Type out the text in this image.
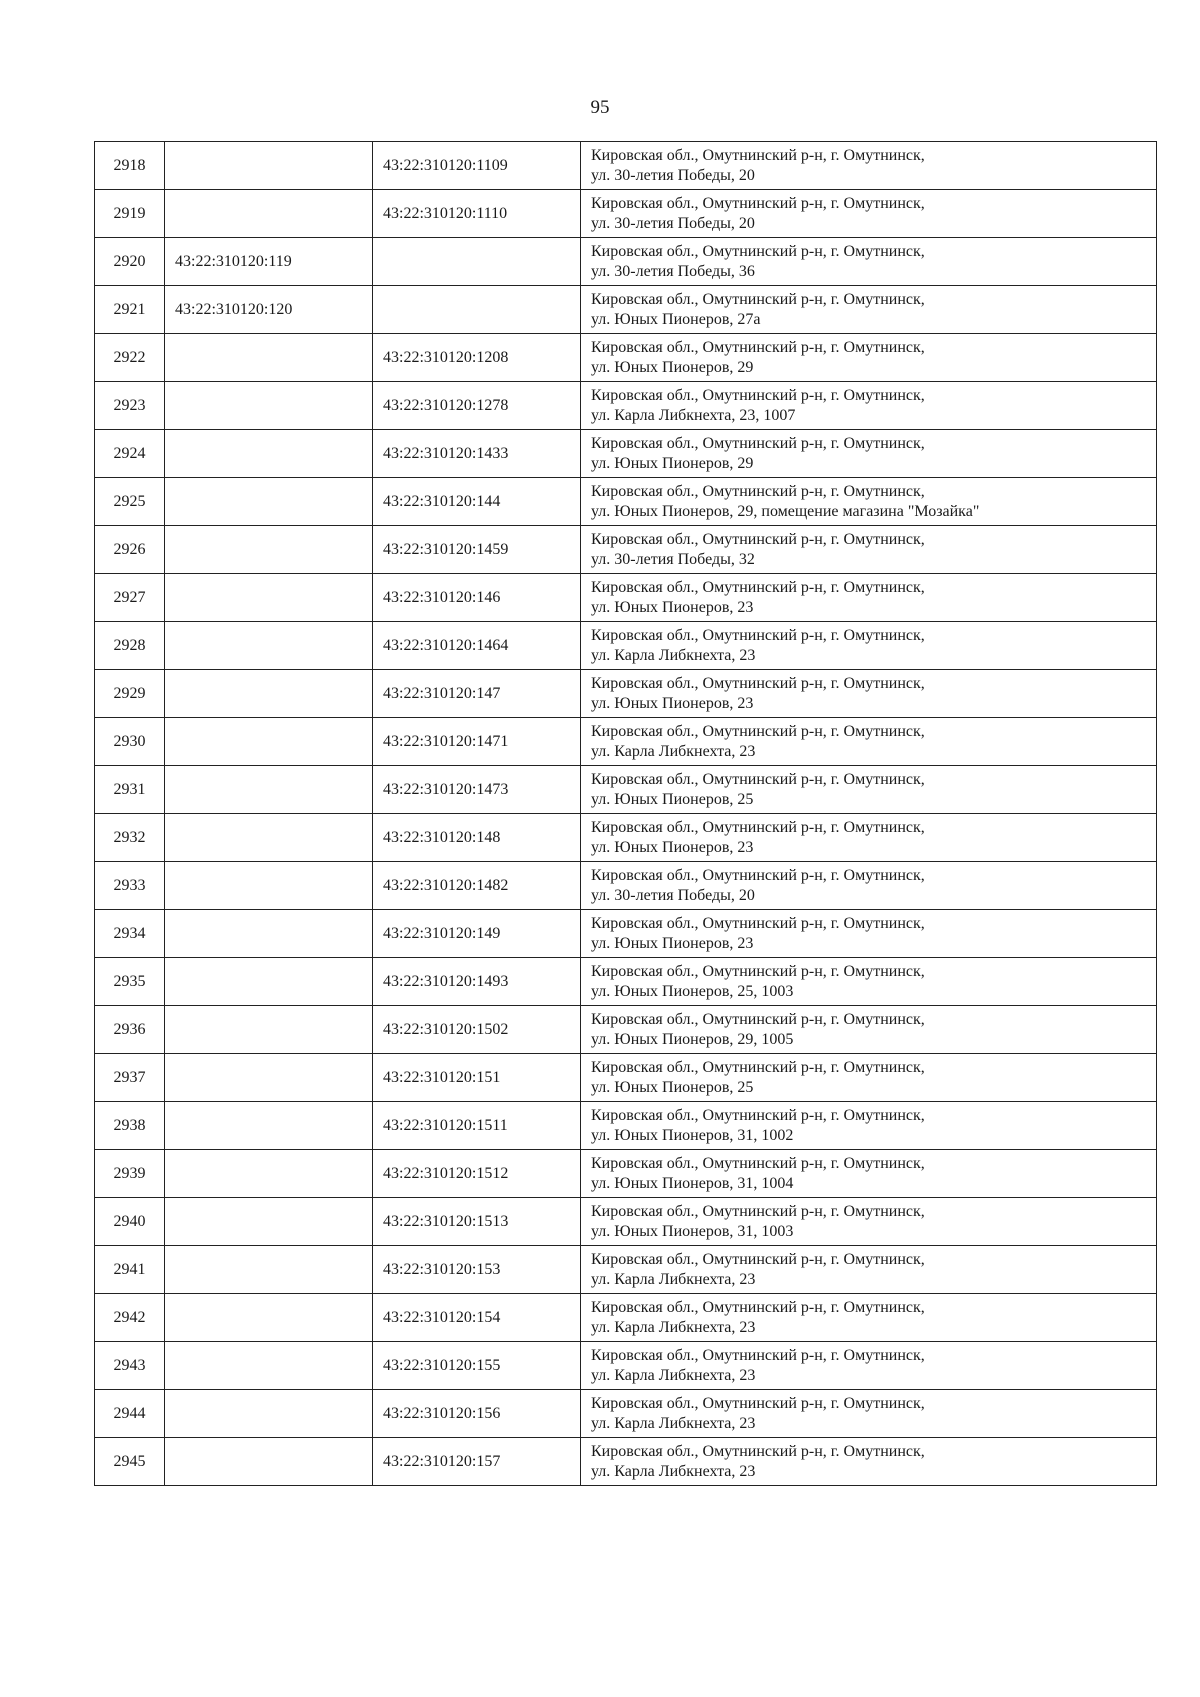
95
2918		43:22:310120:1109	Кировская обл., Омутнинский р-н, г. Омутнинск,
ул. 30-летия Победы, 20

2919		43:22:310120:1110	Кировская обл., Омутнинский р-н, г. Омутнинск,
ул. 30-летия Победы, 20

2920	43:22:310120:119		Кировская обл., Омутнинский р-н, г. Омутнинск,
ул. 30-летия Победы, 36

2921	43:22:310120:120		Кировская обл., Омутнинский р-н, г. Омутнинск,
ул. Юных Пионеров, 27а

2922		43:22:310120:1208	Кировская обл., Омутнинский р-н, г. Омутнинск,
ул. Юных Пионеров, 29

2923		43:22:310120:1278	Кировская обл., Омутнинский р-н, г. Омутнинск,
ул. Карла Либкнехта, 23, 1007

2924		43:22:310120:1433	Кировская обл., Омутнинский р-н, г. Омутнинск,
ул. Юных Пионеров, 29

2925		43:22:310120:144	Кировская обл., Омутнинский р-н, г. Омутнинск,
ул. Юных Пионеров, 29, помещение магазина "Мозайка"

2926		43:22:310120:1459	Кировская обл., Омутнинский р-н, г. Омутнинск,
ул. 30-летия Победы, 32

2927		43:22:310120:146	Кировская обл., Омутнинский р-н, г. Омутнинск,
ул. Юных Пионеров, 23

2928		43:22:310120:1464	Кировская обл., Омутнинский р-н, г. Омутнинск,
ул. Карла Либкнехта, 23

2929		43:22:310120:147	Кировская обл., Омутнинский р-н, г. Омутнинск,
ул. Юных Пионеров, 23

2930		43:22:310120:1471	Кировская обл., Омутнинский р-н, г. Омутнинск,
ул. Карла Либкнехта, 23

2931		43:22:310120:1473	Кировская обл., Омутнинский р-н, г. Омутнинск,
ул. Юных Пионеров, 25

2932		43:22:310120:148	Кировская обл., Омутнинский р-н, г. Омутнинск,
ул. Юных Пионеров, 23

2933		43:22:310120:1482	Кировская обл., Омутнинский р-н, г. Омутнинск,
ул. 30-летия Победы, 20

2934		43:22:310120:149	Кировская обл., Омутнинский р-н, г. Омутнинск,
ул. Юных Пионеров, 23

2935		43:22:310120:1493	Кировская обл., Омутнинский р-н, г. Омутнинск,
ул. Юных Пионеров, 25, 1003

2936		43:22:310120:1502	Кировская обл., Омутнинский р-н, г. Омутнинск,
ул. Юных Пионеров, 29, 1005

2937		43:22:310120:151	Кировская обл., Омутнинский р-н, г. Омутнинск,
ул. Юных Пионеров, 25

2938		43:22:310120:1511	Кировская обл., Омутнинский р-н, г. Омутнинск,
ул. Юных Пионеров, 31, 1002

2939		43:22:310120:1512	Кировская обл., Омутнинский р-н, г. Омутнинск,
ул. Юных Пионеров, 31, 1004

2940		43:22:310120:1513	Кировская обл., Омутнинский р-н, г. Омутнинск,
ул. Юных Пионеров, 31, 1003

2941		43:22:310120:153	Кировская обл., Омутнинский р-н, г. Омутнинск,
ул. Карла Либкнехта, 23

2942		43:22:310120:154	Кировская обл., Омутнинский р-н, г. Омутнинск,
ул. Карла Либкнехта, 23

2943		43:22:310120:155	Кировская обл., Омутнинский р-н, г. Омутнинск,
ул. Карла Либкнехта, 23

2944		43:22:310120:156	Кировская обл., Омутнинский р-н, г. Омутнинск,
ул. Карла Либкнехта, 23

2945		43:22:310120:157	Кировская обл., Омутнинский р-н, г. Омутнинск,
ул. Карла Либкнехта, 23
